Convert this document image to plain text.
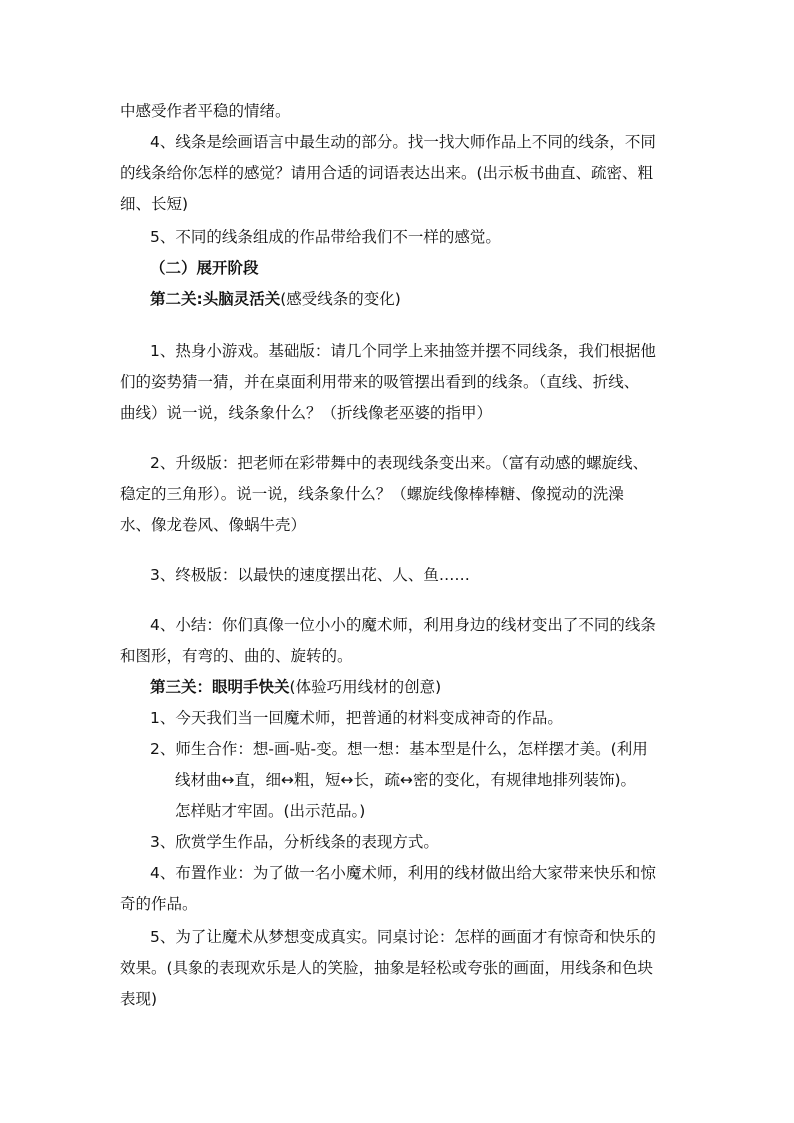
中感受作者平稳的情绪。
4、线条是绘画语言中最生动的部分。找一找大师作品上不同的线条，不同
的线条给你怎样的感觉？请用合适的词语表达出来。(出示板书曲直、疏密、粗
细、长短)
5、不同的线条组成的作品带给我们不一样的感觉。
（二）展开阶段
第二关:头脑灵活关(感受线条的变化)
1、热身小游戏。基础版：请几个同学上来抽签并摆不同线条，我们根据他
们的姿势猜一猜，并在桌面利用带来的吸管摆出看到的线条。（直线、折线、
曲线）说一说，线条象什么？（折线像老巫婆的指甲）
2、升级版：把老师在彩带舞中的表现线条变出来。（富有动感的螺旋线、
稳定的三角形）。说一说，线条象什么？（螺旋线像棒棒糖、像搅动的洗澡
水、像龙卷风、像蜗牛壳）
3、终极版：以最快的速度摆出花、人、鱼……
4、小结：你们真像一位小小的魔术师，利用身边的线材变出了不同的线条
和图形，有弯的、曲的、旋转的。
第三关：眼明手快关(体验巧用线材的创意)
1、今天我们当一回魔术师，把普通的材料变成神奇的作品。
2、师生合作：想-画-贴-变。想一想：基本型是什么，怎样摆才美。(利用
线材曲↔直，细↔粗，短↔长，疏↔密的变化，有规律地排列装饰)。
怎样贴才牢固。(出示范品。)
3、欣赏学生作品，分析线条的表现方式。
4、布置作业：为了做一名小魔术师，利用的线材做出给大家带来快乐和惊
奇的作品。
5、为了让魔术从梦想变成真实。同桌讨论：怎样的画面才有惊奇和快乐的
效果。(具象的表现欢乐是人的笑脸，抽象是轻松或夸张的画面，用线条和色块
表现)
